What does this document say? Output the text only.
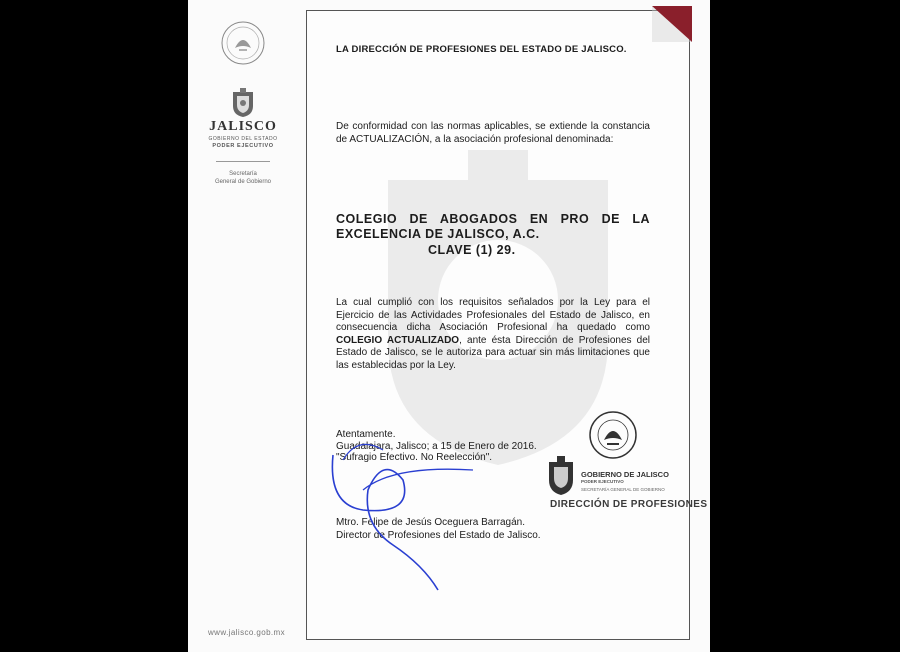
JALISCO
GOBIERNO DEL ESTADO
PODER EJECUTIVO
Secretaría
General de Gobierno
www.jalisco.gob.mx
LA DIRECCIÓN DE PROFESIONES DEL ESTADO DE JALISCO.
De conformidad con las normas aplicables, se extiende la constancia de ACTUALIZACIÓN, a la asociación profesional denominada:
COLEGIO DE ABOGADOS EN PRO DE LA EXCELENCIA DE JALISCO, A.C.
CLAVE (1) 29.
La cual cumplió con los requisitos señalados por la Ley para el Ejercicio de las Actividades Profesionales del Estado de Jalisco, en consecuencia dicha Asociación Profesional ha quedado como COLEGIO ACTUALIZADO, ante ésta Dirección de Profesiones del Estado de Jalisco, se le autoriza para actuar sin más limitaciones que las establecidas por la Ley.
Atentamente.
Guadalajara, Jalisco; a 15 de Enero de 2016.
"Sufragio Efectivo. No Reelección".
Mtro. Felipe de Jesús Oceguera Barragán.
Director de Profesiones del Estado de Jalisco.
GOBIERNO DE JALISCO
PODER EJECUTIVO
SECRETARÍA GENERAL DE GOBIERNO
DIRECCIÓN DE PROFESIONES
